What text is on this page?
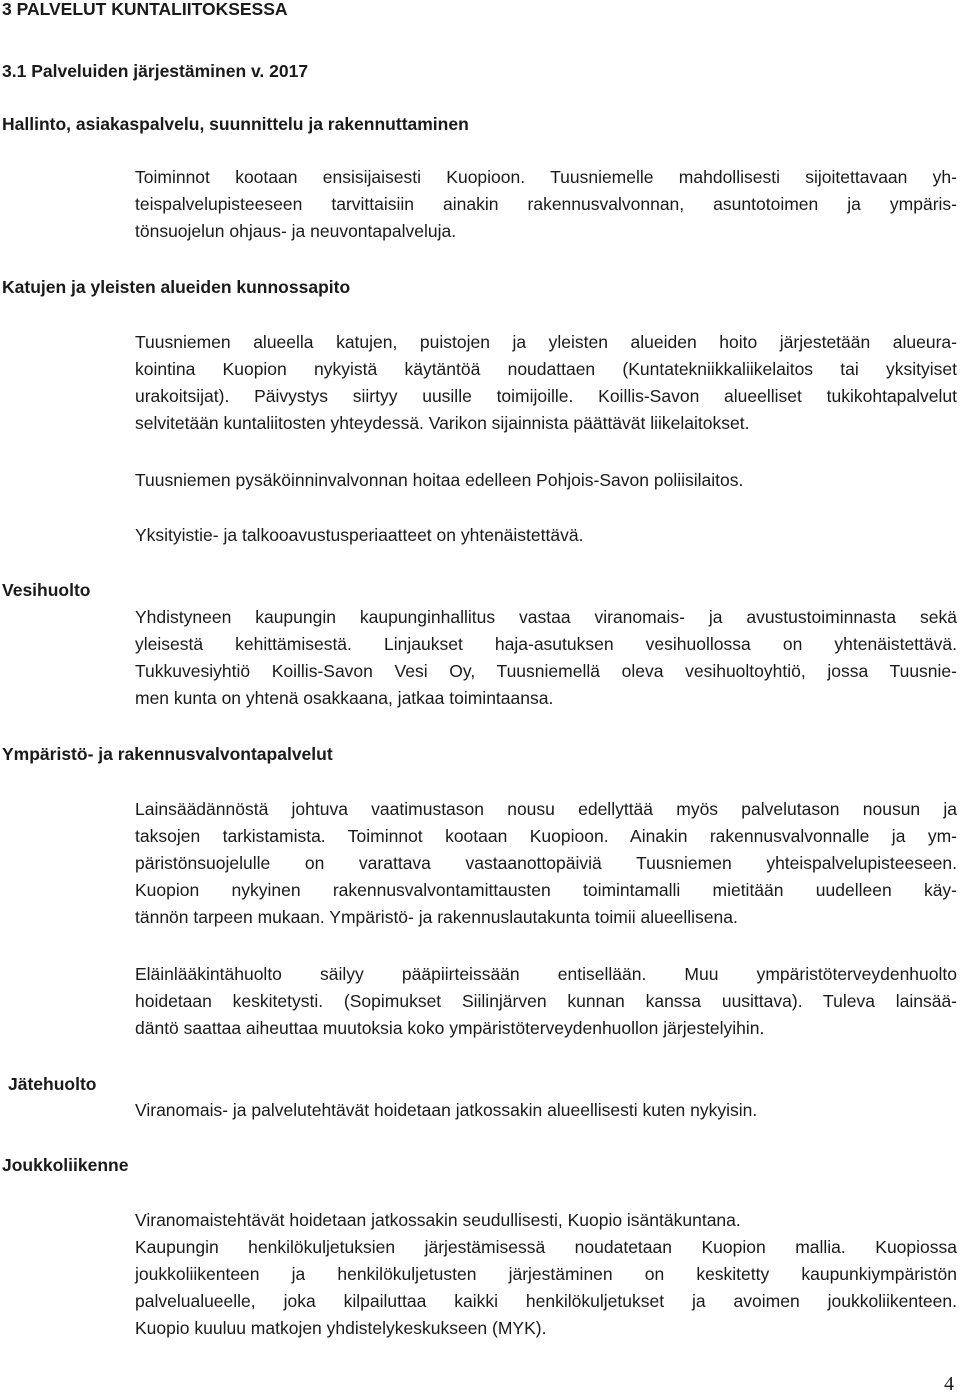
3 PALVELUT KUNTALIITOKSESSA
3.1 Palveluiden järjestäminen v. 2017
Hallinto, asiakaspalvelu, suunnittelu ja rakennuttaminen
Toiminnot kootaan ensisijaisesti Kuopioon. Tuusniemelle mahdollisesti sijoitettavaan yh-
teispalvelupisteeseen tarvittaisiin ainakin rakennusvalvonnan, asuntotoimen ja ympäris-
tönsuojelun ohjaus- ja neuvontapalveluja.
Katujen ja yleisten alueiden kunnossapito
Tuusniemen alueella katujen, puistojen ja yleisten alueiden hoito järjestetään alueura-
kointina Kuopion nykyistä käytäntöä noudattaen (Kuntatekniikkaliikelaitos tai yksityiset
urakoitsijat). Päivystys siirtyy uusille toimijoille. Koillis-Savon alueelliset tukikohtapalvelut
selvitetään kuntaliitosten yhteydessä. Varikon sijainnista päättävät liikelaitokset.
Tuusniemen pysäköinninvalvonnan hoitaa edelleen Pohjois-Savon poliisilaitos.
Yksityistie- ja talkooavustusperiaatteet on yhtenäistettävä.
Vesihuolto
Yhdistyneen kaupungin kaupunginhallitus vastaa viranomais- ja avustustoiminnasta sekä
yleisestä kehittämisestä. Linjaukset haja-asutuksen vesihuollossa on yhtenäistettävä.
Tukkuvesiyhtiö Koillis-Savon Vesi Oy, Tuusniemellä oleva vesihuoltoyhtiö, jossa Tuusnie-
men kunta on yhtenä osakkaana, jatkaa toimintaansa.
Ympäristö- ja rakennusvalvontapalvelut
Lainsäädännöstä johtuva vaatimustason nousu edellyttää myös palvelutason nousun ja
taksojen tarkistamista. Toiminnot kootaan Kuopioon. Ainakin rakennusvalvonnalle ja ym-
päristönsuojelulle on varattava vastaanottopäiviä Tuusniemen yhteispalvelupisteeseen.
Kuopion nykyinen rakennusvalvontamittausten toimintamalli mietitään uudelleen käy-
tännön tarpeen mukaan. Ympäristö- ja rakennuslautakunta toimii alueellisena.
Eläinlääkintähuolto säilyy pääpiirteissään entisellään. Muu ympäristöterveydenhuolto
hoidetaan keskitetysti. (Sopimukset Siilinjärven kunnan kanssa uusittava). Tuleva lainsää-
däntö saattaa aiheuttaa muutoksia koko ympäristöterveydenhuollon järjestelyihin.
Jätehuolto
Viranomais- ja palvelutehtävät hoidetaan jatkossakin alueellisesti kuten nykyisin.
Joukkoliikenne
Viranomaistehtävät hoidetaan jatkossakin seudullisesti, Kuopio isäntäkuntana.
Kaupungin henkilökuljetuksien järjestämisessä noudatetaan Kuopion mallia. Kuopiossa
joukkoliikenteen ja henkilökuljetusten järjestäminen on keskitetty kaupunkiympäristön
palvelualueelle, joka kilpailuttaa kaikki henkilökuljetukset ja avoimen joukkoliikenteen.
Kuopio kuuluu matkojen yhdistelykeskukseen (MYK).
4
